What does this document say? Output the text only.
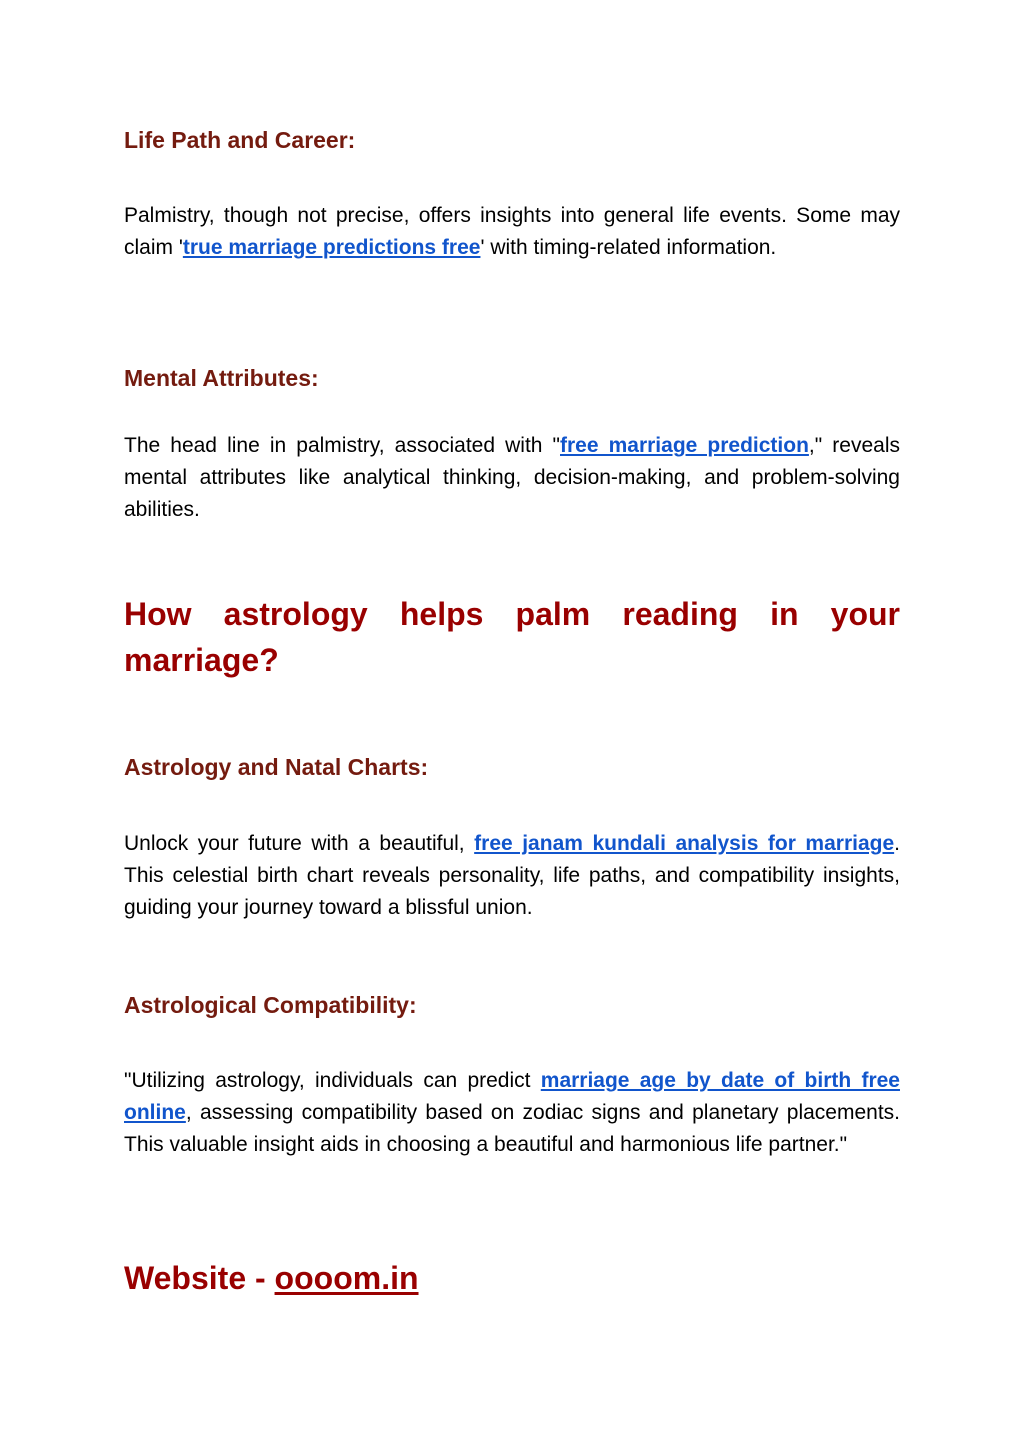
Life Path and Career:

Palmistry, though not precise, offers insights into general life events. Some may claim 'true marriage predictions free' with timing-related information.

Mental Attributes:

The head line in palmistry, associated with "free marriage prediction," reveals mental attributes like analytical thinking, decision-making, and problem-solving abilities.

How astrology helps palm reading in your
marriage?
Astrology and Natal Charts:

Unlock your future with a beautiful, free janam kundali analysis for marriage. This celestial birth chart reveals personality, life paths, and compatibility insights, guiding your journey toward a blissful union.

Astrological Compatibility:

"Utilizing astrology, individuals can predict marriage age by date of birth free online, assessing compatibility based on zodiac signs and planetary placements. This valuable insight aids in choosing a beautiful and harmonious life partner."

Website - oooom.in
